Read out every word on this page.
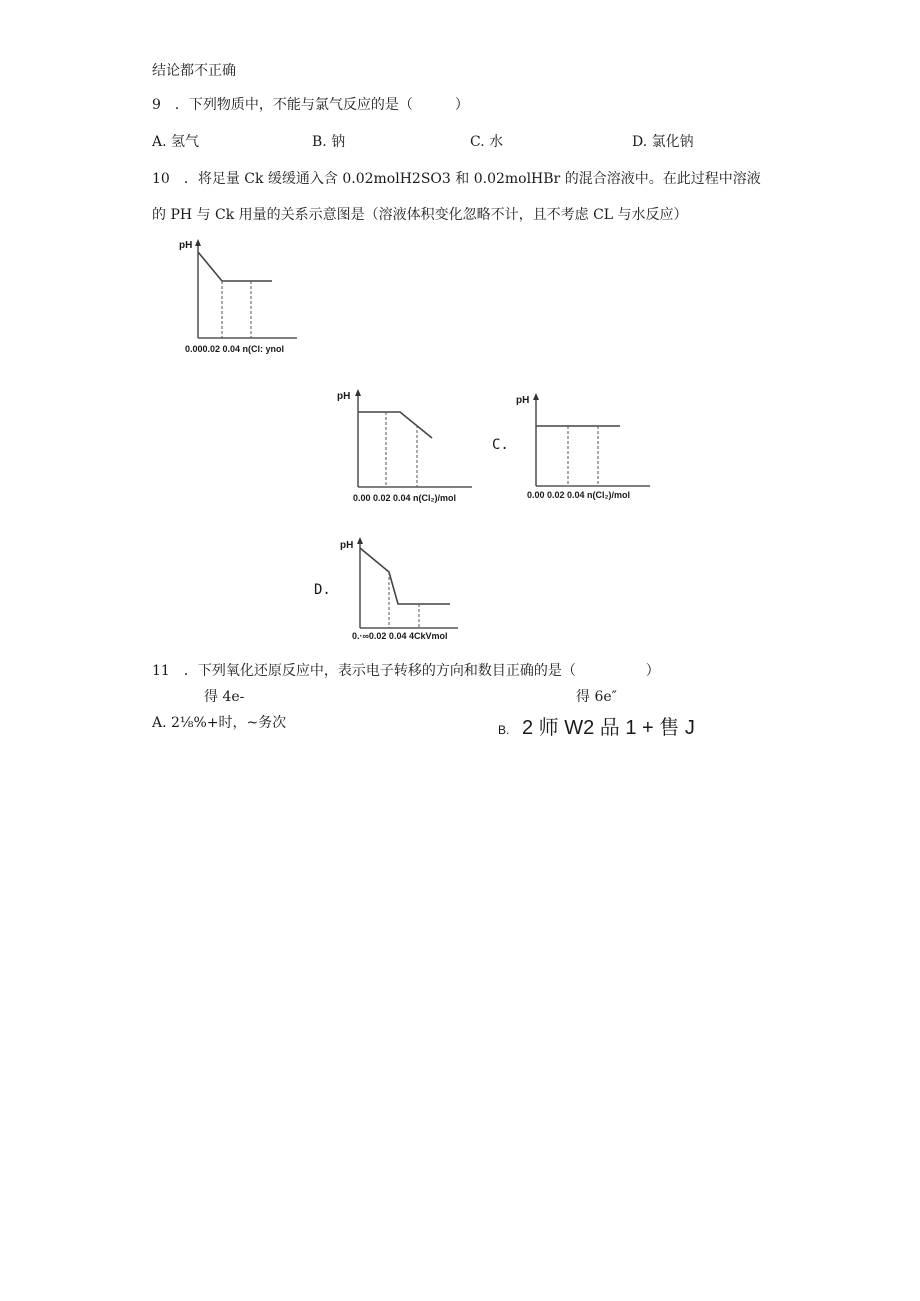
结论都不正确
9　．下列物质中，不能与氯气反应的是（　　　）
A. 氢气	B. 钠	C. 水	D. 氯化钠
10　．将足量 Ck 缓缓通入含 0.02molH2SO3 和 0.02molHBr 的混合溶液中。在此过程中溶液
的 PH 与 Ck 用量的关系示意图是（溶液体积变化忽略不计，且不考虑 CL 与水反应）
pH
0.000.02 0.04 n(Cl: ynol
pH
0.00 0.02 0.04 n(Cl₂)/mol
C.
pH
0.00 0.02 0.04 n(Cl₂)/mol
D.
pH
0.·∞0.02 0.04 4CkVmol
11　．下列氧化还原反应中，表示电子转移的方向和数目正确的是（　　　　　）
得 4e-
A. 2⅛%+时，~务次
得 6e″
B. 2 师 W2 品 1 + 售 J
